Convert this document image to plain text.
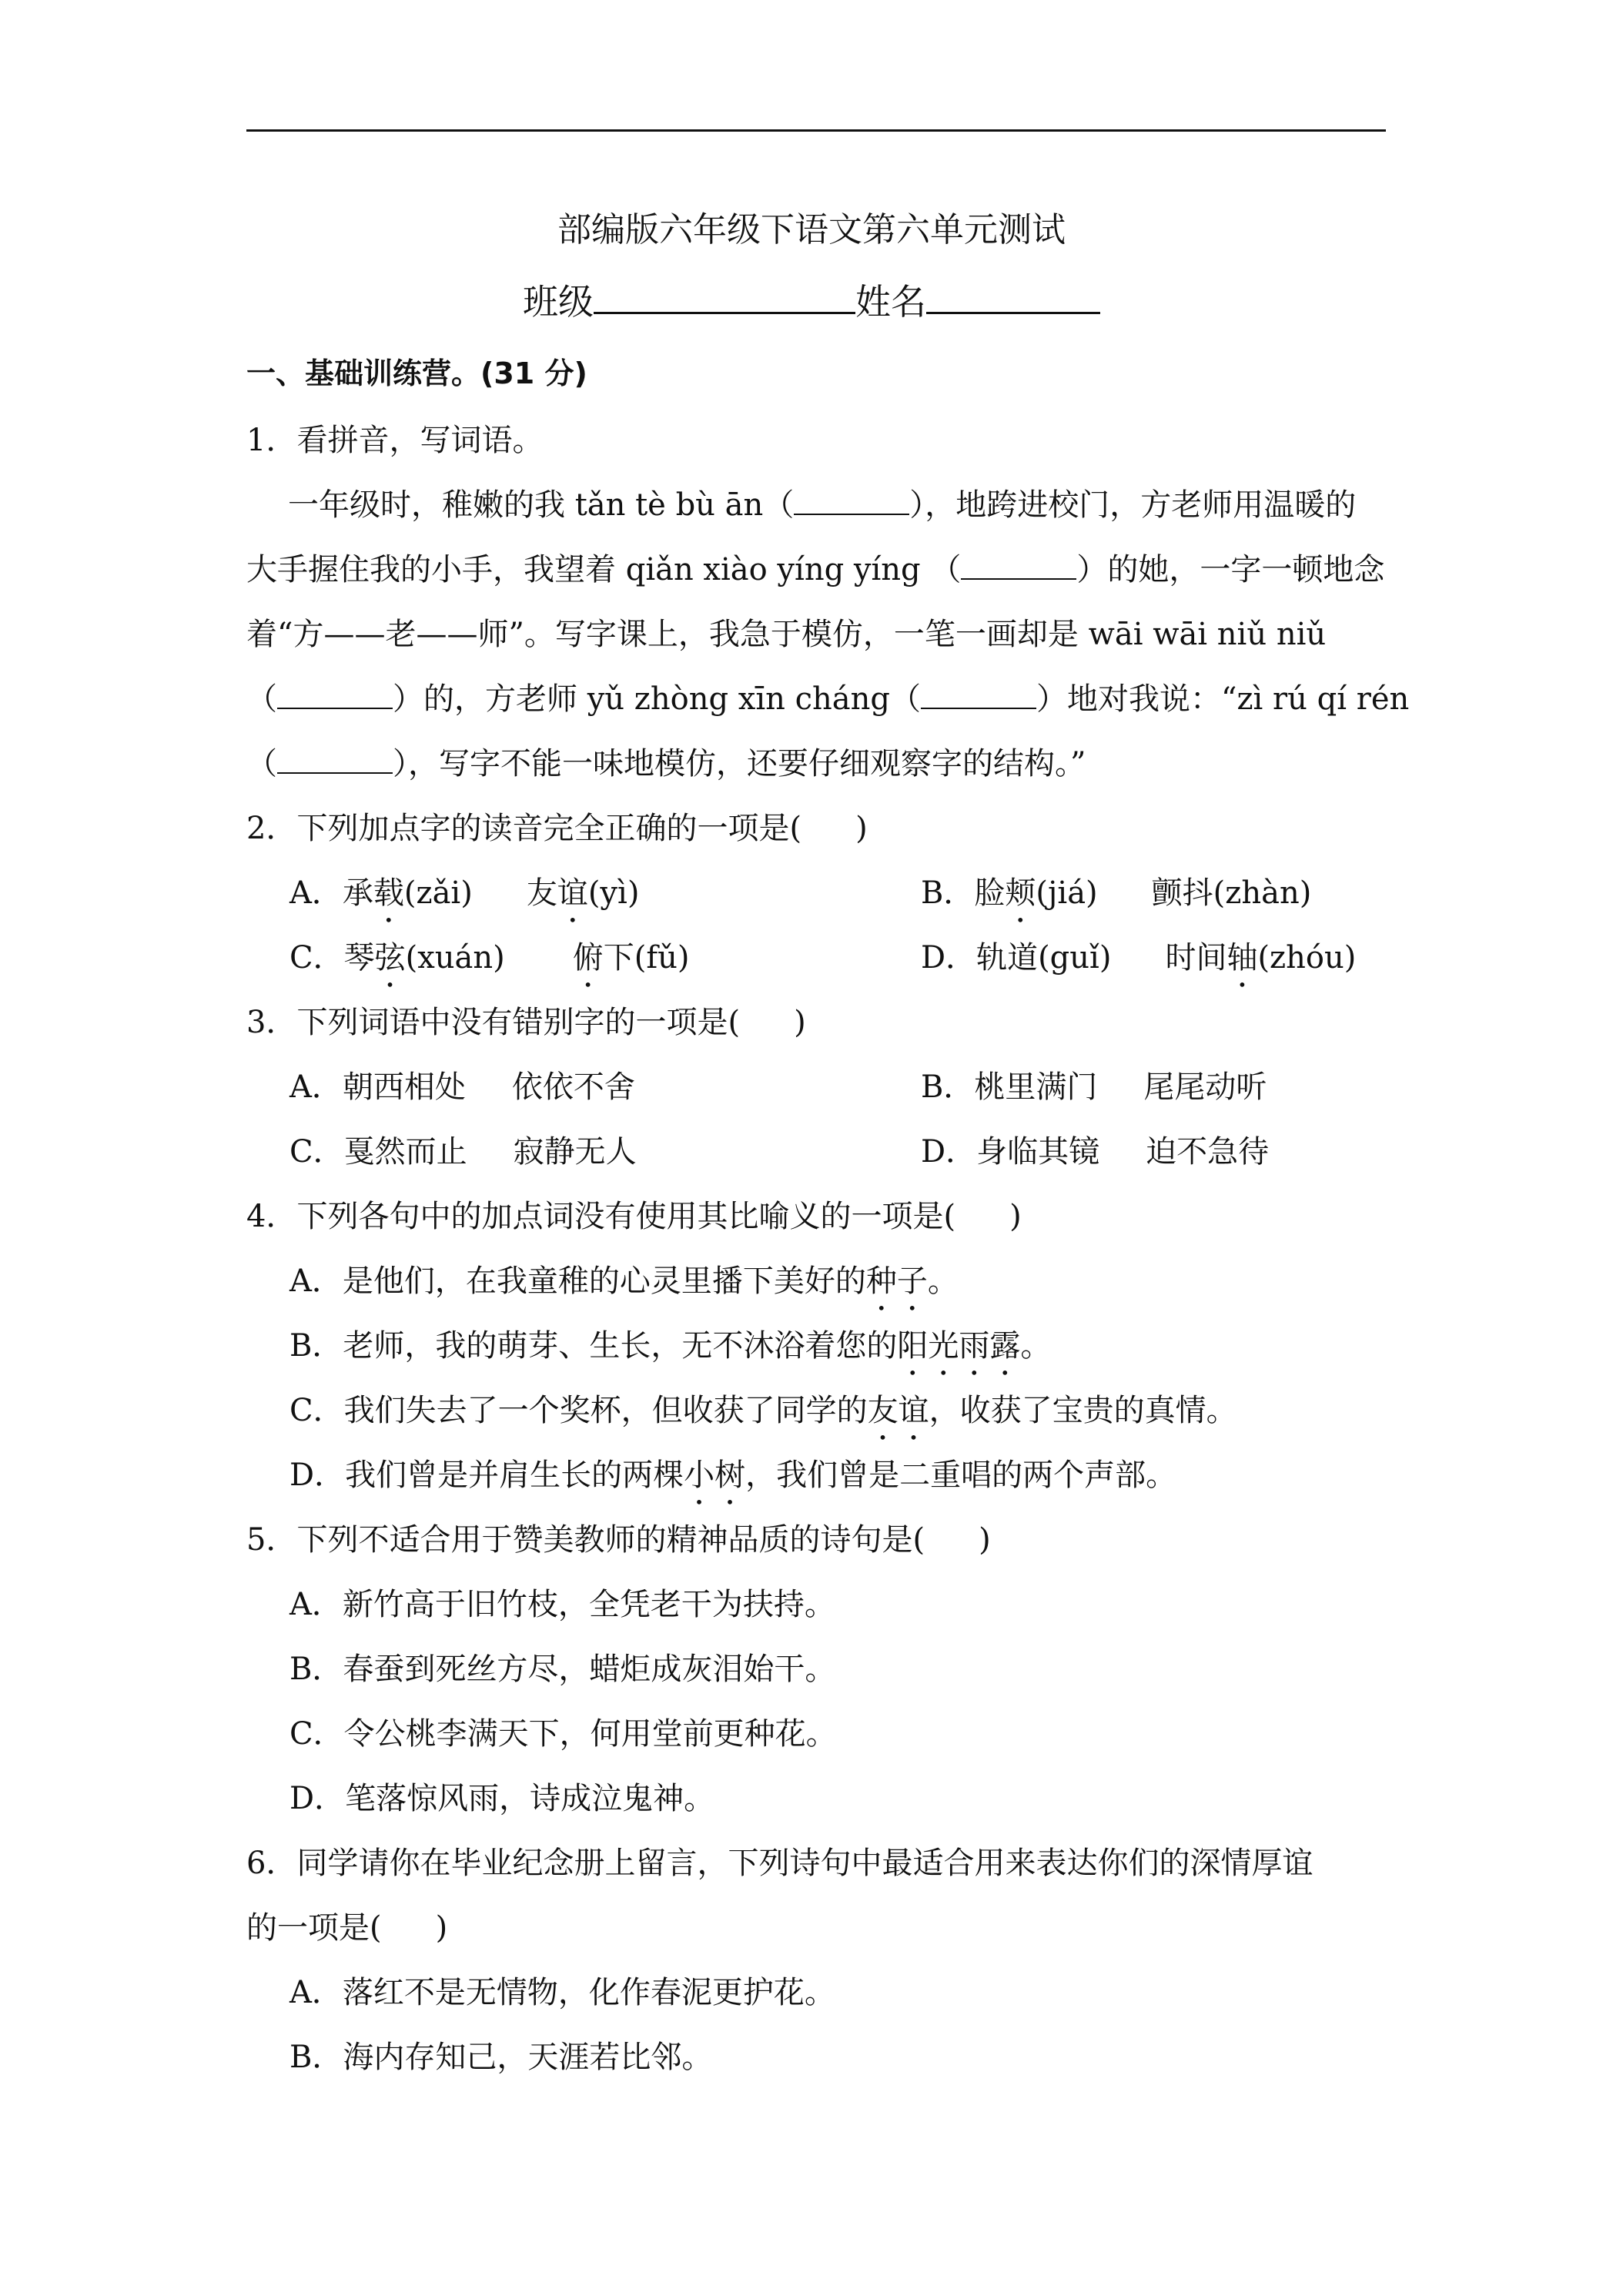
部编版六年级下语文第六单元测试
班级	姓名
一、基础训练营。(31 分)
1．看拼音，写词语。
一年级时，稚嫩的我 tǎn tè bù ān（	），地跨进校门，方老师用温暖的
大手握住我的小手，我望着 qiǎn xiào yíng yíng （	）的她，一字一顿地念
着“方——老——师”。写字课上，我急于模仿，一笔一画却是 wāi wāi niǔ niǔ
（	）的，方老师 yǔ zhòng xīn cháng（	）地对我说：“zì rú qí rén
（	），写字不能一味地模仿，还要仔细观察字的结构。”
2．下列加点字的读音完全正确的一项是( )
A．承载(zǎi) 友谊(yì)	B．脸颊(jiá) 颤抖(zhàn)
C．琴弦(xuán) 俯下(fǔ)	D．轨道(guǐ) 时间轴(zhóu)
3．下列词语中没有错别字的一项是( )
A．朝西相处 依依不舍	B．桃里满门 尾尾动听
C．戛然而止 寂静无人	D．身临其镜 迫不急待
4．下列各句中的加点词没有使用其比喻义的一项是( )
A．是他们，在我童稚的心灵里播下美好的种子。
B．老师，我的萌芽、生长，无不沐浴着您的阳光雨露。
C．我们失去了一个奖杯，但收获了同学的友谊，收获了宝贵的真情。
D．我们曾是并肩生长的两棵小树，我们曾是二重唱的两个声部。
5．下列不适合用于赞美教师的精神品质的诗句是( )
A．新竹高于旧竹枝，全凭老干为扶持。
B．春蚕到死丝方尽，蜡炬成灰泪始干。
C．令公桃李满天下，何用堂前更种花。
D．笔落惊风雨，诗成泣鬼神。
6．同学请你在毕业纪念册上留言，下列诗句中最适合用来表达你们的深情厚谊
的一项是( )
A．落红不是无情物，化作春泥更护花。
B．海内存知己，天涯若比邻。
